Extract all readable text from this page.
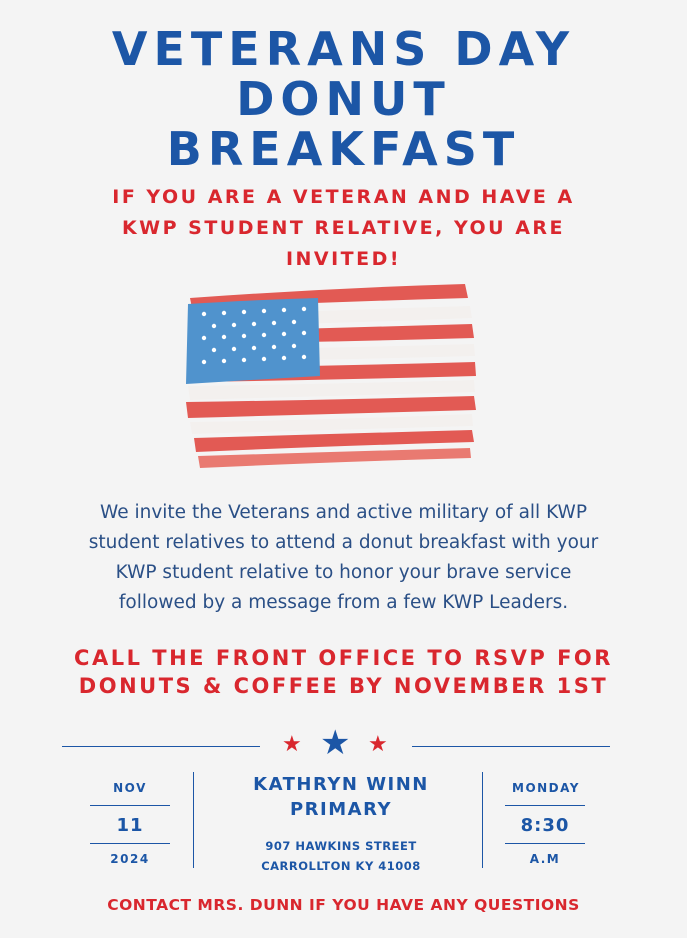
VETERANS DAY
DONUT
BREAKFAST
IF YOU ARE A VETERAN AND HAVE A
KWP STUDENT RELATIVE, YOU ARE
INVITED!
We invite the Veterans and active military of all KWP
student relatives to attend a donut breakfast with your
KWP student relative to honor your brave service
followed by a message from a few KWP Leaders.
CALL THE FRONT OFFICE TO RSVP FOR
DONUTS & COFFEE BY NOVEMBER 1ST
★ ★ ★
NOV
11
2024
KATHRYN WINN
PRIMARY
907 HAWKINS STREET
CARROLLTON KY 41008
MONDAY
8:30
A.M
CONTACT MRS. DUNN IF YOU HAVE ANY QUESTIONS
